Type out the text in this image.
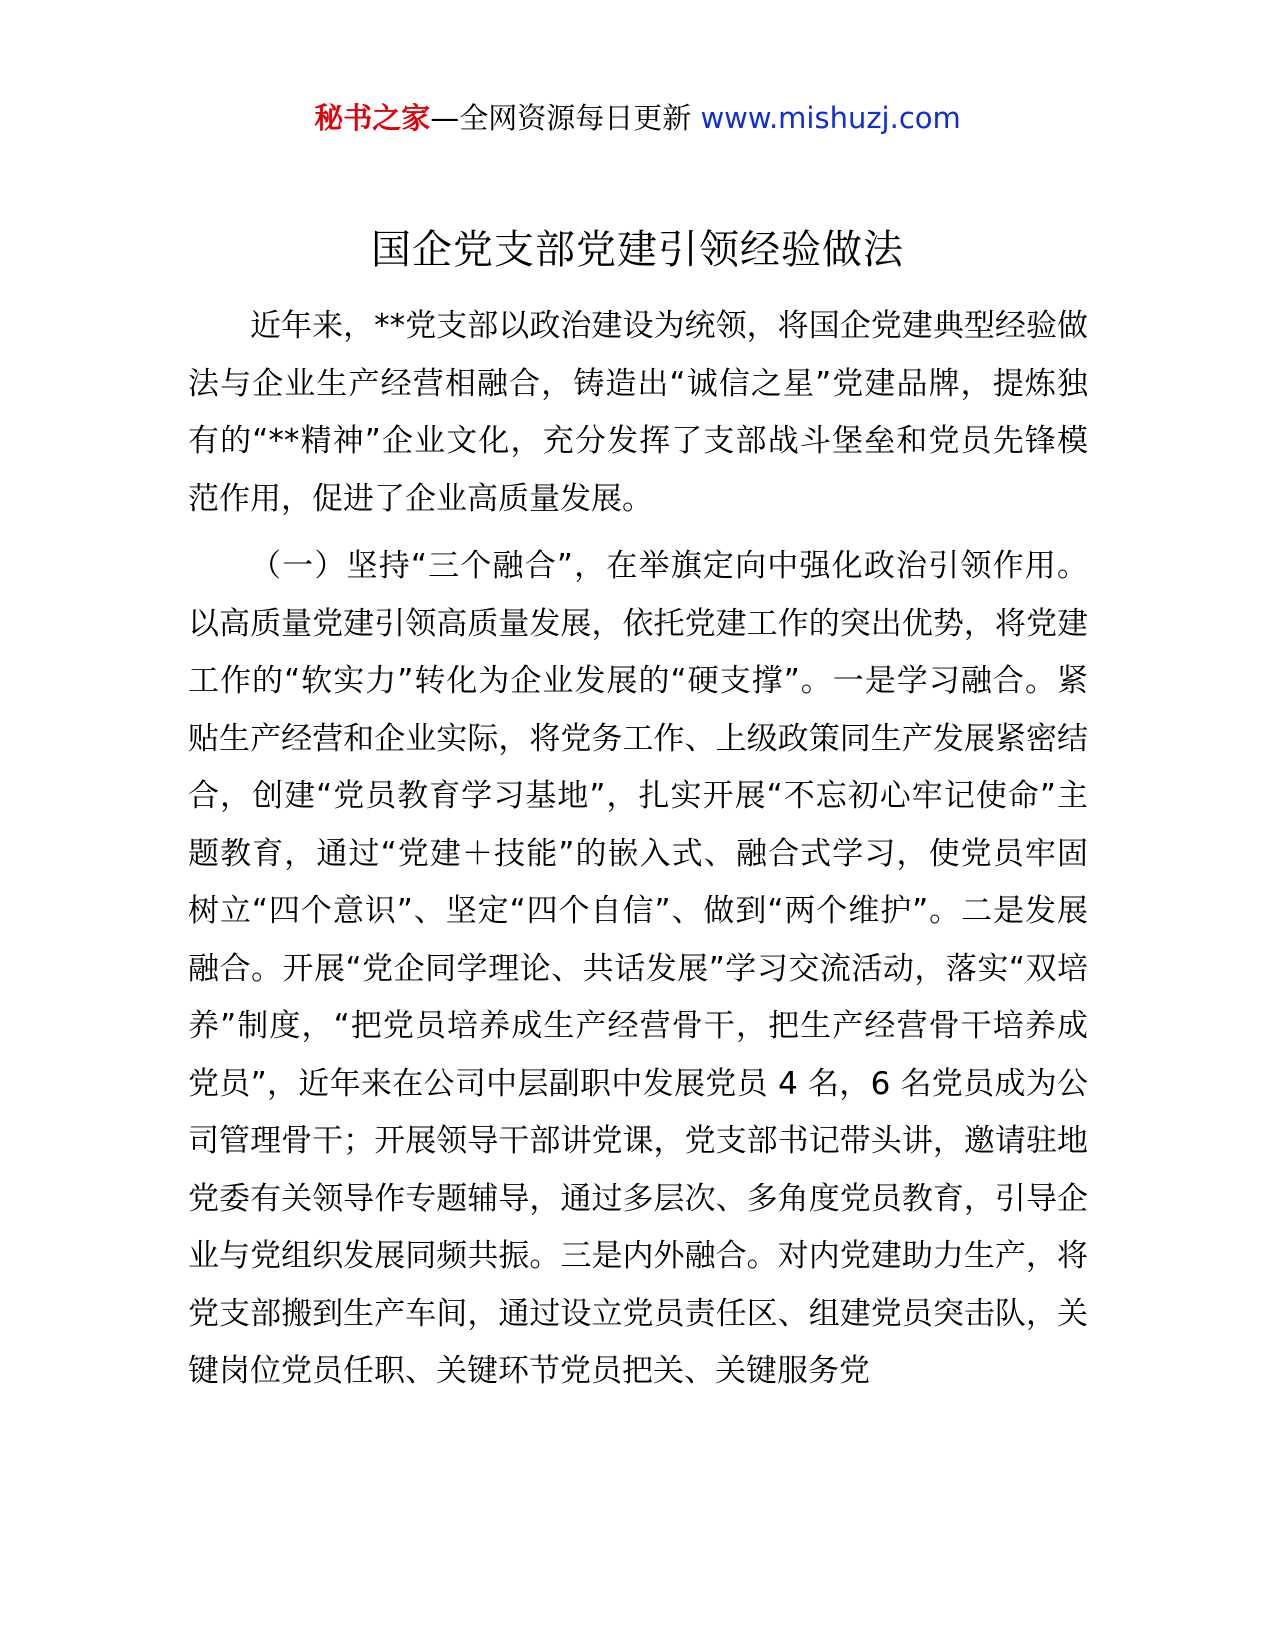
秘书之家—全网资源每日更新 www.mishuzj.com
国企党支部党建引领经验做法

近年来，**党支部以政治建设为统领，将国企党建典型经验做法与企业生产经营相融合，铸造出“诚信之星”党建品牌，提炼独有的“**精神”企业文化，充分发挥了支部战斗堡垒和党员先锋模范作用，促进了企业高质量发展。

（一）坚持“三个融合”，在举旗定向中强化政治引领作用。以高质量党建引领高质量发展，依托党建工作的突出优势，将党建工作的“软实力”转化为企业发展的“硬支撑”。一是学习融合。紧贴生产经营和企业实际，将党务工作、上级政策同生产发展紧密结合，创建“党员教育学习基地”，扎实开展“不忘初心牢记使命”主题教育，通过“党建＋技能”的嵌入式、融合式学习，使党员牢固树立“四个意识”、坚定“四个自信”、做到“两个维护”。二是发展融合。开展“党企同学理论、共话发展”学习交流活动，落实“双培养”制度，“把党员培养成生产经营骨干，把生产经营骨干培养成党员”，近年来在公司中层副职中发展党员 4 名，6 名党员成为公司管理骨干；开展领导干部讲党课，党支部书记带头讲，邀请驻地党委有关领导作专题辅导，通过多层次、多角度党员教育，引导企业与党组织发展同频共振。三是内外融合。对内党建助力生产，将党支部搬到生产车间，通过设立党员责任区、组建党员突击队，关键岗位党员任职、关键环节党员把关、关键服务党
